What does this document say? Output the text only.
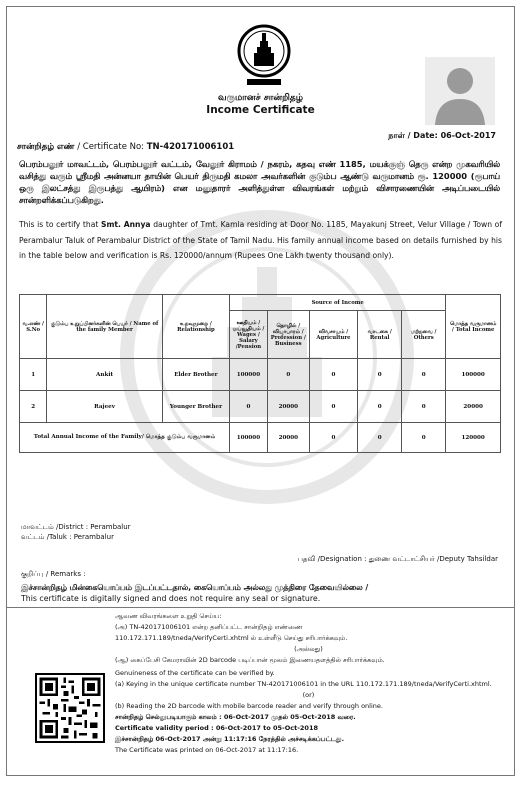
வருமானச் சான்றிதழ்
Income Certificate
நாள் / Date: 06-Oct-2017
சான்றிதழ் எண் / Certificate No: TN-420171006101
பெரம்பலூர் மாவட்டம், பெரம்பலூர் வட்டம், வேலூர் கிராமம் / நகரம், கதவு எண் 1185, மயக்குஞ் தெரு என்ற முகவரியில் வசித்து வரும் ஸ்ரீமதி அன்னயா தாயின் பெயர் திருமதி கமலா அவர்களின் குடும்ப ஆண்டு வருமானம் ரூ. 120000 (ரூபாய் ஒரு இலட்சத்து இருபத்து ஆயிரம்) என மனுதாரர் அளித்துள்ள விவரங்கள் மற்றும் விசாரணையின் அடிப்படையில் சான்றளிக்கப்படுகிறது.
This is to certify that Smt. Annya daughter of Tmt. Kamla residing at Door No. 1185, Mayakunj Street, Velur Village / Town of Perambalur Taluk of Perambalur District of the State of Tamil Nadu. His family annual income based on details furnished by his in the table below and verification is Rs. 120000/annum (Rupees One Lakh twenty thousand only).
வ.எண் / S.No	குடும்ப உறுப்பினர்களின் பெயர் / Name of the family Member	உறவுமுறை / Relationship	Source of Income					மொத்த வருமானம் / Total Income
			ஊதியம் / ஓய்வூதியம் / Wages / Salary /Pension	தொழில் / வியாபாரம் / Profession / Business	விவசாயம் / Agriculture	வாடகை / Rental	மற்றவை / Others	
1	Ankit	Elder Brother	100000	0	0	0	0	100000
2	Rajeev	Younger Brother	0	20000	0	0	0	20000
Total Annual Income of the Family/ மொத்த குடும்ப வருமானம்			100000	20000	0	0	0	120000
மாவட்டம் /District : Perambalur
வட்டம் /Taluk : Perambalur
பதவி /Designation : துணை வட்டாட்சியர் /Deputy Tahsildar
குறிப்பு / Remarks :
இச்சான்றிதழ் மின்கையொப்பம் இடப்பட்டதால், கையொப்பம் அல்லது முத்திரை தேவையில்லை /
This certificate is digitally signed and does not require any seal or signature.

ஆவண விவரங்களை உறுதி செய்ய:

(அ) TN-420171006101 என்ற தனிப்பட்ட சான்றிதழ் எண்ணை

110.172.171.189/tneda/VerifyCerti.xhtml ல் உள்ளீடு செய்து சரிபார்க்கவும்.

(அல்லது)

(ஆ) கைப்பேசி கேமராவின் 2D barcode படிப்பான் மூலம் இணையதளத்தில் சரிபார்க்கவும்.

Genuineness of the certificate can be verified by.

(a) Keying in the unique certificate number TN-420171006101 in the URL 110.172.171.189/tneda/VerifyCerti.xhtml.

(or)

(b) Reading the 2D barcode with mobile barcode reader and verify through online.

சான்றிதழ் செல்லுபடியாகும் காலம் : 06-Oct-2017 முதல் 05-Oct-2018 வரை.

Certificate validity period : 06-Oct-2017 to 05-Oct-2018

இச்சான்றிதழ் 06-Oct-2017 அன்று 11:17:16 நேரத்தில் அச்சடிக்கப்பட்டது.

The Certificate was printed on 06-Oct-2017 at 11:17:16.
